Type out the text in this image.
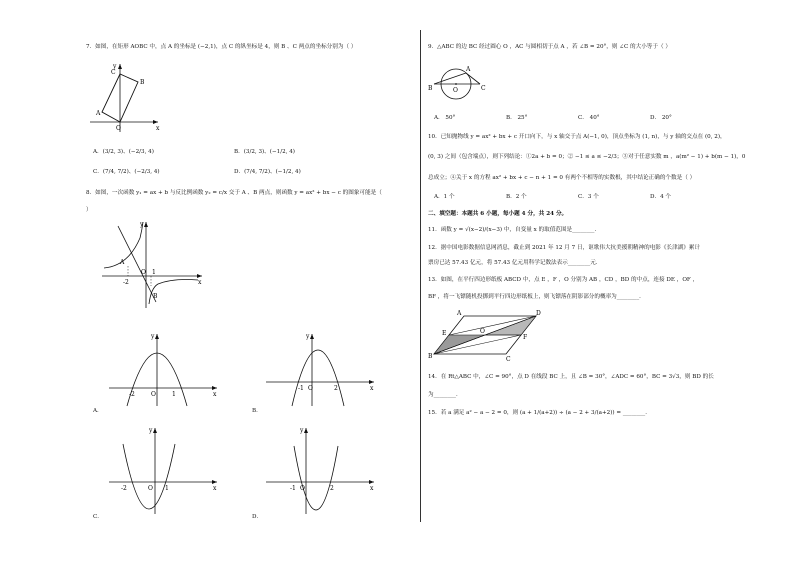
7．如图，在矩形 AOBC 中，点 A 的坐标是 (−2,1)，点 C 的纵坐标是 4，则 B 、C 两点的坐标分别为（ ）
A
B
C
O	x
y
A．(3/2, 3)、(−2/3, 4)	B．(3/2, 3)、(−1/2, 4)
C．(7/4, 7/2)、(−2/3, 4)	D．(7/4, 7/2)、(−1/2, 4)
8．如图，一次函数 y₁ = ax + b 与反比例函数 y₂ = c/x 交于 A 、B 两点，则函数 y = ax² + bx − c 的图象可能是（
）
A
B
O
-2
1
x
y
-2	O	1	x
y
A．
-1 O	2	x
y
B．
-2	O 1	x
y
C．
-1 O	2	x
y
D．
9．△ABC 的边 BC 经过圆心 O ，AC 与圆相切于点 A ，若 ∠B = 20°，则 ∠C 的大小等于（ ）
B	O	C
A
A． 50°	B． 25°	C． 40°	D． 20°
10．已知抛物线 y = ax² + bx + c 开口向下，与 x 轴交于点 A(−1, 0)，顶点坐标为 (1, n)，与 y 轴的交点在 (0, 2)，
(0, 3) 之间（包含端点），则下列结论：①2a + b = 0；② −1 ≤ a ≤ −2/3；③对于任意实数 m ，a(m² − 1) + b(m − 1)，0
总成立；④关于 x 的方程 ax² + bx + c − n + 1 = 0 有两个不相等的实数根，其中结论正确的个数是（ ）
A．1 个	B．2 个	C．3 个	D．4 个
二、填空题：本题共 6 小题，每小题 4 分，共 24 分。
11．函数 y = √(x−2)/(x−3) 中，自变量 x 的取值范围是________．
12．据中国电影数据信息网消息，截止到 2021 年 12 月 7 日，讴歌伟大抗美援朝精神的电影《长津湖》累计
票房已达 57.43 亿元，将 57.43 亿元用科学记数法表示________元．
13．如图，在平行四边形纸板 ABCD 中，点 E ，F ，O 分别为 AB ，CD ，BD 的中点，连接 DE ，OF ，
BF ，将一飞镖随机投掷到平行四边形纸板上，则飞镖落在阴影部分的概率为________．
A
B	C
D
E
F
O
14．在 Rt△ABC 中，∠C = 90°，点 D 在线段 BC 上，且 ∠B = 30°，∠ADC = 60°，BC = 3√3，则 BD 的长
为________．
15．若 a 满足 a² − a − 2 = 0，则 (a + 1/(a+2)) ÷ (a − 2 + 3/(a+2)) = ________．
